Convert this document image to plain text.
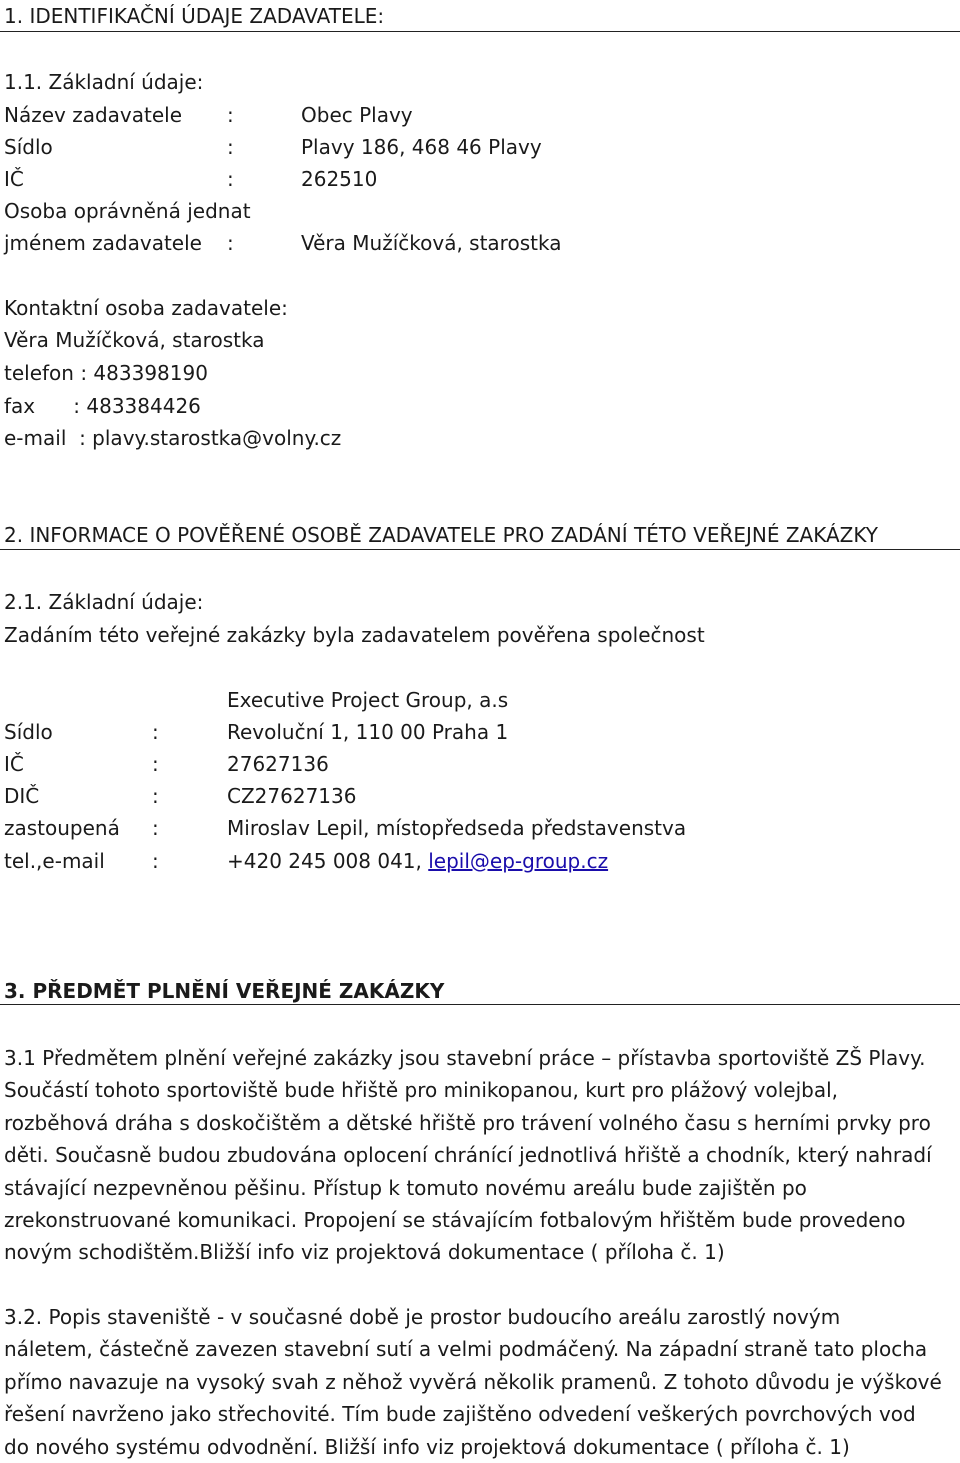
1. IDENTIFIKAČNÍ ÚDAJE ZADAVATELE:
1.1. Základní údaje:
Název zadavatele :	Obec Plavy
Sídlo	:	Plavy 186, 468 46 Plavy
IČ	:	262510
Osoba oprávněná jednat
jménem zadavatele :	Věra Mužíčková, starostka
Kontaktní osoba zadavatele:
Věra Mužíčková, starostka
telefon : 483398190
fax      : 483384426
e-mail  : plavy.starostka@volny.cz
2. INFORMACE O POVĚŘENÉ OSOBĚ ZADAVATELE PRO ZADÁNÍ TÉTO VEŘEJNÉ ZAKÁZKY
2.1. Základní údaje:
Zadáním této veřejné zakázky byla zadavatelem pověřena společnost
Executive Project Group, a.s
Sídlo	:	Revoluční 1, 110 00 Praha 1
IČ	:	27627136
DIČ	:	CZ27627136
zastoupená :	Miroslav Lepil, místopředseda představenstva
tel.,e-mail :	+420 245 008 041, lepil@ep-group.cz
3. PŘEDMĚT PLNĚNÍ VEŘEJNÉ ZAKÁZKY
3.1 Předmětem plnění veřejné zakázky jsou stavební práce – přístavba sportoviště ZŠ Plavy.
Součástí tohoto sportoviště bude hřiště pro minikopanou, kurt pro plážový volejbal,
rozběhová dráha s doskočištěm a dětské hřiště pro trávení volného času s herními prvky pro
děti. Současně budou zbudována oplocení chránící jednotlivá hřiště a chodník, který nahradí
stávající nezpevněnou pěšinu. Přístup k tomuto novému areálu bude zajištěn po
zrekonstruované komunikaci. Propojení se stávajícím fotbalovým hřištěm bude provedeno
novým schodištěm.Bližší info viz projektová dokumentace ( příloha č. 1)
3.2. Popis staveniště - v současné době je prostor budoucího areálu zarostlý novým
náletem, částečně zavezen stavební sutí a velmi podmáčený. Na západní straně tato plocha
přímo navazuje na vysoký svah z něhož vyvěrá několik pramenů. Z tohoto důvodu je výškové
řešení navrženo jako střechovité. Tím bude zajištěno odvedení veškerých povrchových vod
do nového systému odvodnění. Bližší info viz projektová dokumentace ( příloha č. 1)
